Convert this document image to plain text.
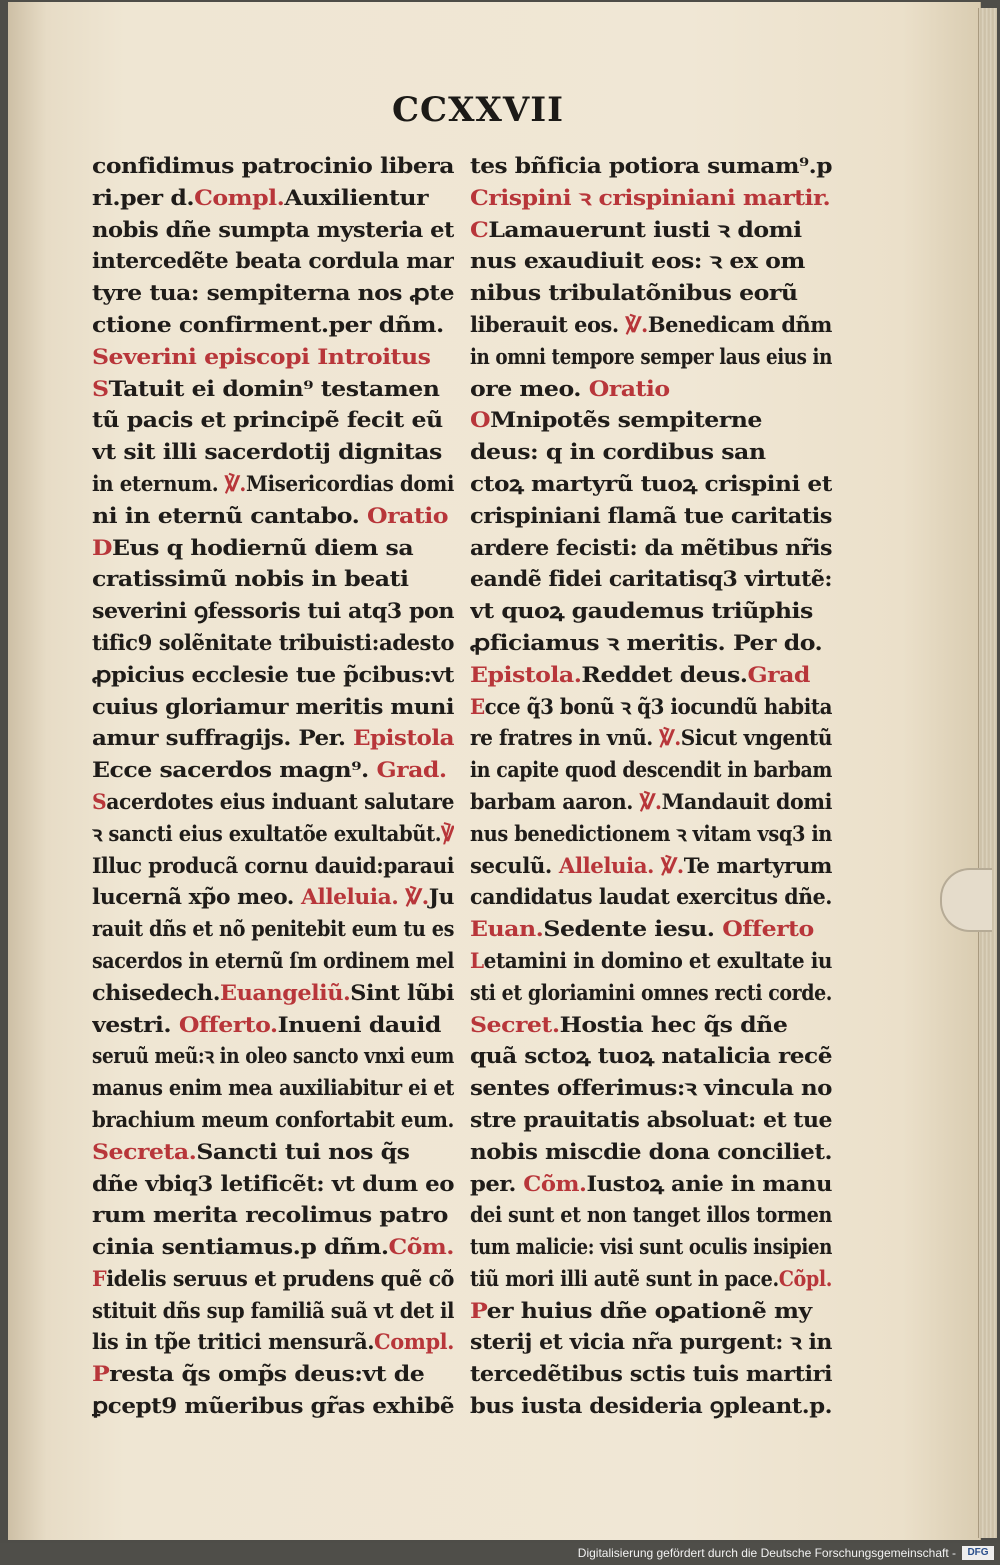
CCXXVII
confidimus patrocinio libera
ri.per d.Compl.Auxilientur
nobis dñe sumpta mysteria et
intercedẽte beata cordula mar
tyre tua: sempiterna nos ꝓte
ctione confirment.per dñm.
Severini episcopi Introitus
STatuit ei domin⁹ testamen
tũ pacis et principẽ fecit eũ
vt sit illi sacerdotij dignitas
in eternum. ℣.Misericordias domi
ni in eternũ cantabo. Oratio
DEus q hodiernũ diem sa
cratissimũ nobis in beati
severini ꝯfessoris tui atq3 pon
tific9 solẽnitate tribuisti:adesto
ꝓpicius ecclesie tue p̃cibus:vt
cuius gloriamur meritis muni
amur suffragijs. Per. Epistola
Ecce sacerdos magn⁹. Grad.
Sacerdotes eius induant salutare
ꝛ sancti eius exultatõe exultabũt.℣
Illuc producã cornu dauid:paraui
lucernã xp̃o meo. Alleluia. ℣.Ju
rauit dñs et nõ penitebit eum tu es
sacerdos in eternũ ſm ordinem mel
chisedech.Euangeliũ.Sint lũbi
vestri. Offerto.Inueni dauid
seruũ meũ:ꝛ in oleo sancto vnxi eum
manus enim mea auxiliabitur ei et
brachium meum confortabit eum.
Secreta.Sancti tui nos q̃s
dñe vbiq3 letificẽt: vt dum eo
rum merita recolimus patro
cinia sentiamus.p dñm.Cõm.
Fidelis seruus et prudens quẽ cõ
stituit dñs sup familiã suã vt det il
lis in tp̃e tritici mensurã.Compl.
Presta q̃s omp̃s deus:vt de
ꝑcept9 mũeribus gr̃as exhibẽ
tes bñficia potiora sumam⁹.p
Crispini ꝛ crispiniani martir.
CLamauerunt iusti ꝛ domi
nus exaudiuit eos: ꝛ ex om
nibus tribulatõnibus eorũ
liberauit eos. ℣.Benedicam dñm
in omni tempore semper laus eius in
ore meo. Oratio
OMnipotẽs sempiterne
deus: q in cordibus san
ctoꝝ martyrũ tuoꝝ crispini et
crispiniani flamã tue caritatis
ardere fecisti: da mẽtibus nr̃is
eandẽ fidei caritatisq3 virtutẽ:
vt quoꝝ gaudemus triũphis
ꝓficiamus ꝛ meritis. Per do.
Epistola.Reddet deus.Grad
Ecce q̃3 bonũ ꝛ q̃3 iocundũ habita
re fratres in vnũ. ℣.Sicut vngentũ
in capite quod descendit in barbam
barbam aaron. ℣.Mandauit domi
nus benedictionem ꝛ vitam vsq3 in
seculũ. Alleluia. ℣.Te martyrum
candidatus laudat exercitus dñe.
Euan.Sedente iesu. Offerto
Letamini in domino et exultate iu
sti et gloriamini omnes recti corde.
Secret.Hostia hec q̃s dñe
quã sctoꝝ tuoꝝ natalicia recẽ
sentes offerimus:ꝛ vincula no
stre prauitatis absoluat: et tue
nobis miscdie dona conciliet.
per. Cõm.Iustoꝝ anie in manu
dei sunt et non tanget illos tormen
tum malicie: visi sunt oculis insipien
tiũ mori illi autẽ sunt in pace.Cõpl.
Per huius dñe oꝑationẽ my
sterij et vicia nr̃a purgent: ꝛ in
tercedẽtibus sctis tuis martiri
bus iusta desideria ꝯpleant.p.
Digitalisierung gefördert durch die Deutsche Forschungsgemeinschaft -	DFG
